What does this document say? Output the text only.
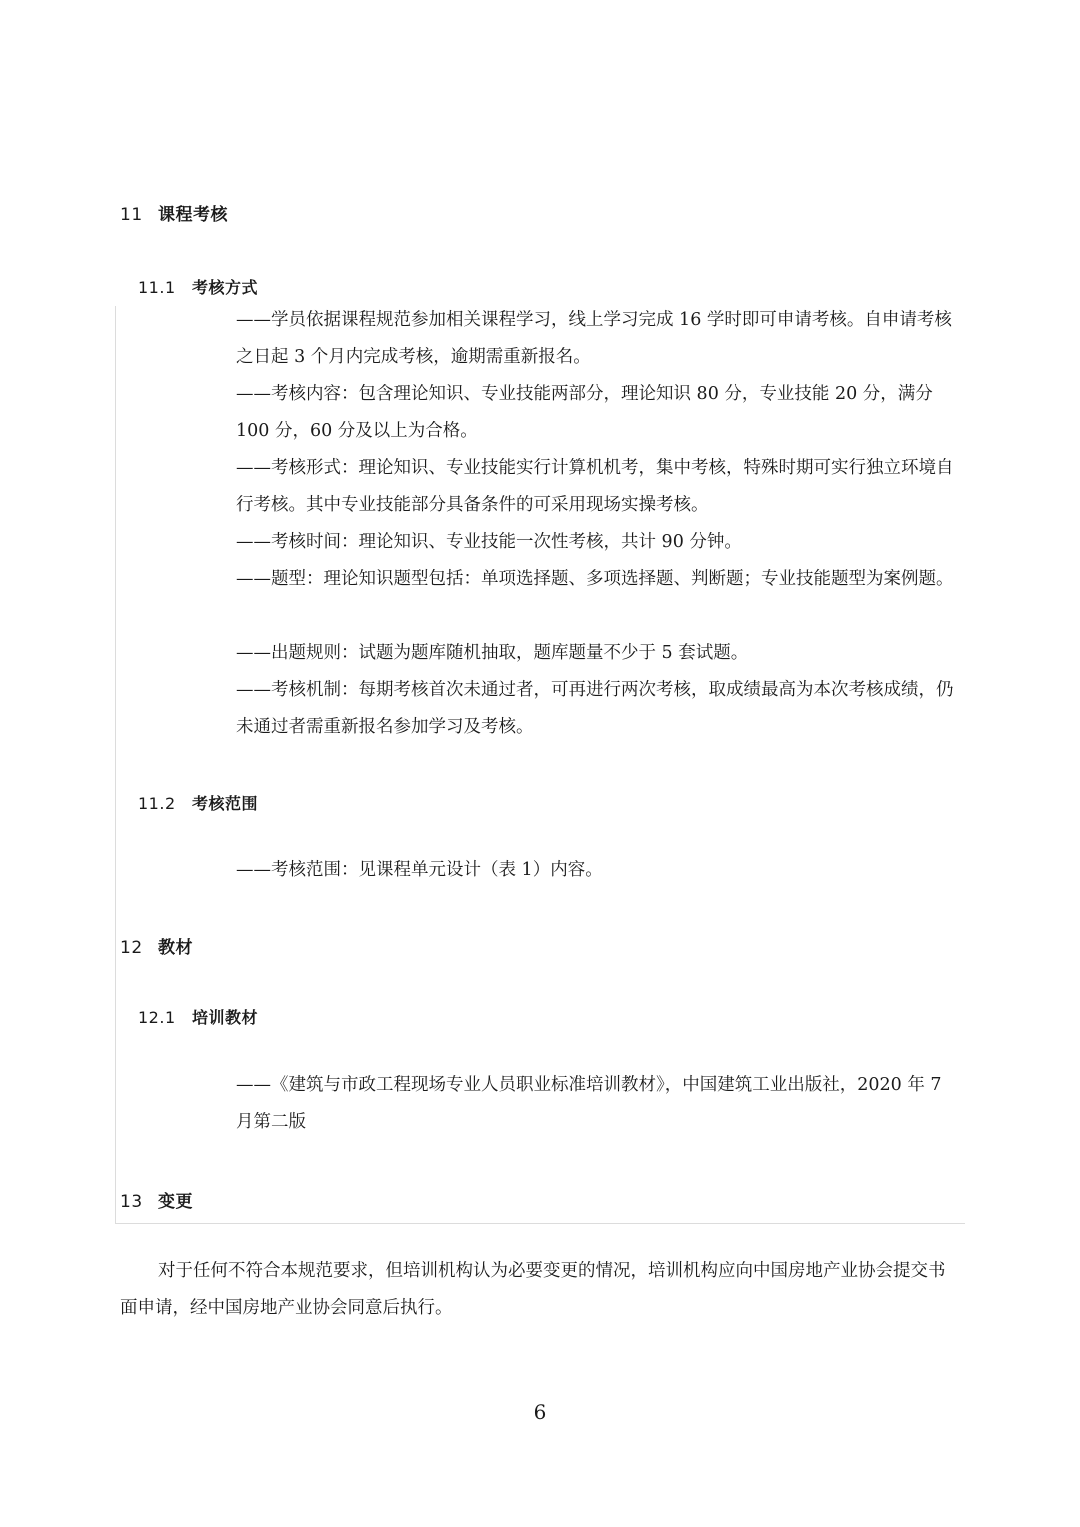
11 课程考核
11.1 考核方式

——学员依据课程规范参加相关课程学习，线上学习完成 16 学时即可申请考核。自申请考核之日起 3 个月内完成考核，逾期需重新报名。

——考核内容：包含理论知识、专业技能两部分，理论知识 80 分，专业技能 20 分，满分 100 分，60 分及以上为合格。

——考核形式：理论知识、专业技能实行计算机机考，集中考核，特殊时期可实行独立环境自行考核。其中专业技能部分具备条件的可采用现场实操考核。

——考核时间：理论知识、专业技能一次性考核，共计 90 分钟。

——题型：理论知识题型包括：单项选择题、多项选择题、判断题；专业技能题型为案例题。

——出题规则：试题为题库随机抽取，题库题量不少于 5 套试题。

——考核机制：每期考核首次未通过者，可再进行两次考核，取成绩最高为本次考核成绩，仍未通过者需重新报名参加学习及考核。

11.2 考核范围

——考核范围：见课程单元设计（表 1）内容。

12 教材
12.1 培训教材

——《建筑与市政工程现场专业人员职业标准培训教材》，中国建筑工业出版社，2020 年 7 月第二版

13 变更

对于任何不符合本规范要求，但培训机构认为必要变更的情况，培训机构应向中国房地产业协会提交书面申请，经中国房地产业协会同意后执行。

6
